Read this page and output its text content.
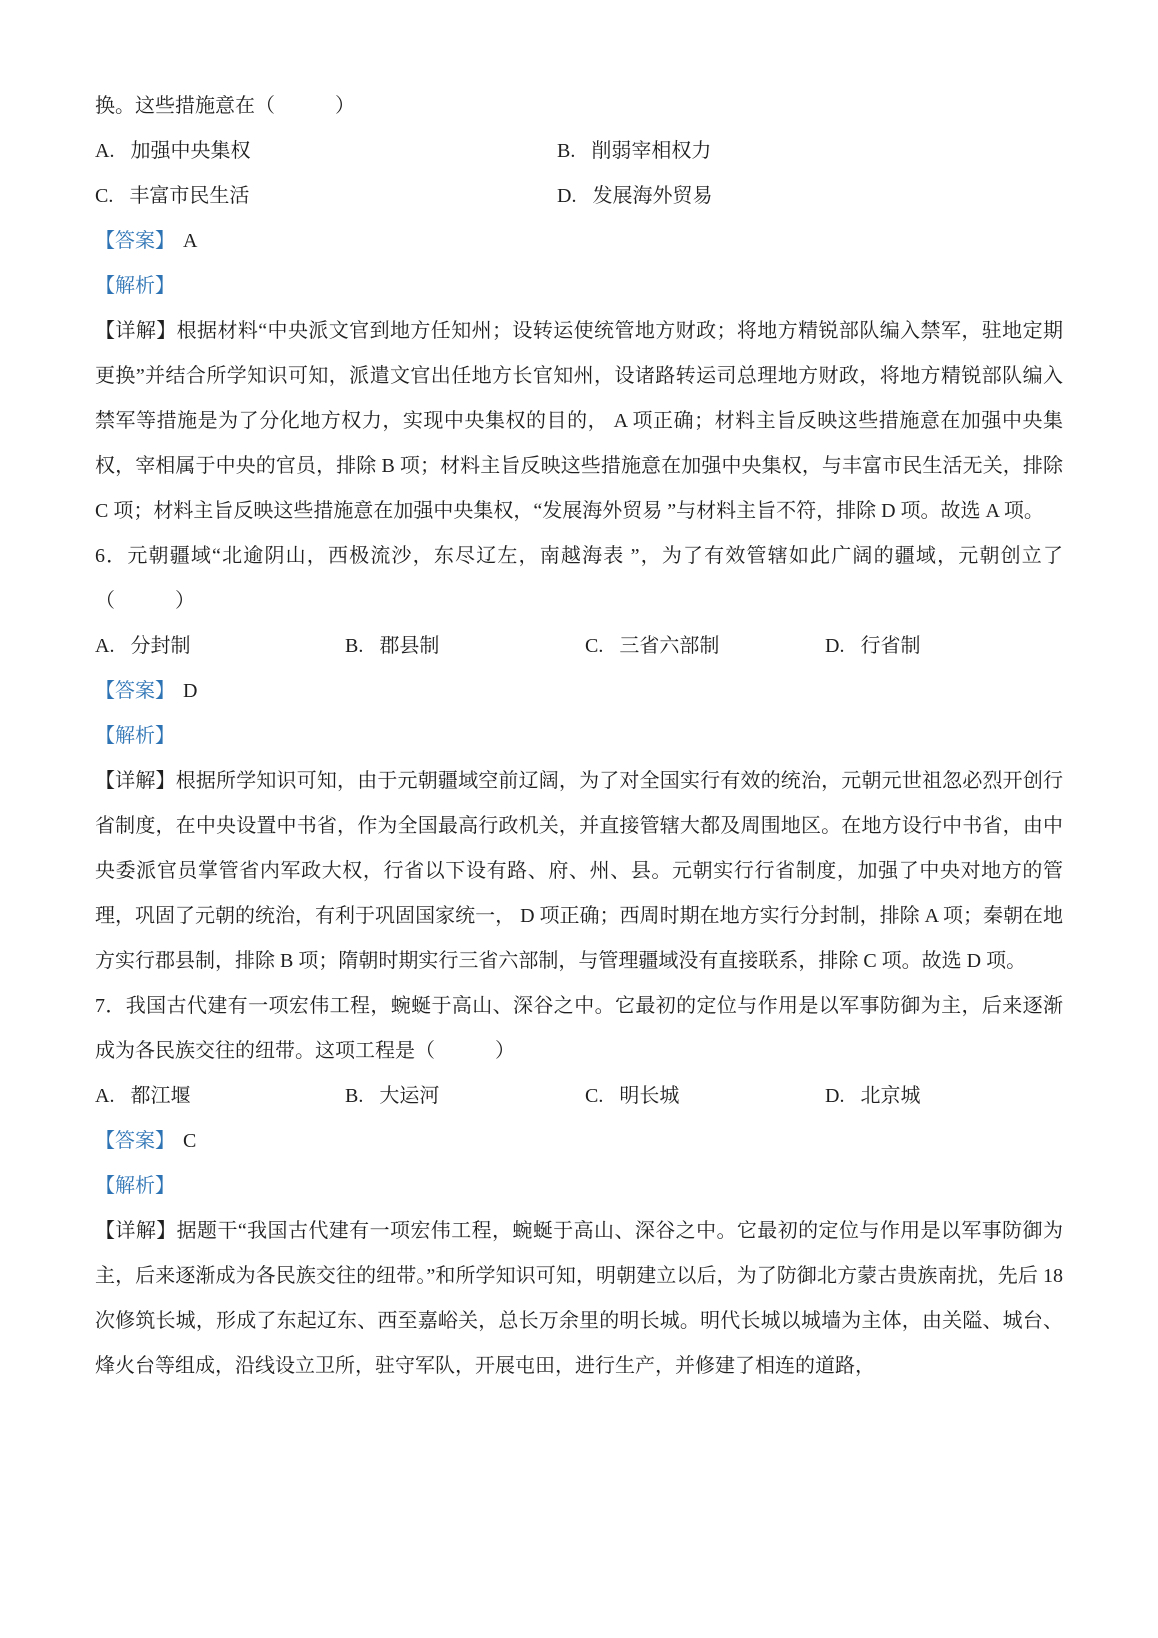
换。这些措施意在（　　　）

A. 加强中央集权	B. 削弱宰相权力
C. 丰富市民生活	D. 发展海外贸易

【答案】 A

【解析】

【详解】根据材料“中央派文官到地方任知州；设转运使统管地方财政；将地方精锐部队编入禁军，驻地定期更换”并结合所学知识可知，派遣文官出任地方长官知州，设诸路转运司总理地方财政，将地方精锐部队编入禁军等措施是为了分化地方权力，实现中央集权的目的， A 项正确；材料主旨反映这些措施意在加强中央集权，宰相属于中央的官员，排除 B 项；材料主旨反映这些措施意在加强中央集权，与丰富市民生活无关，排除 C 项；材料主旨反映这些措施意在加强中央集权，“发展海外贸易 ”与材料主旨不符，排除 D 项。故选 A 项。

6．元朝疆域“北逾阴山，西极流沙，东尽辽左，南越海表 ”，为了有效管辖如此广阔的疆域，元朝创立了（　　　）

A. 分封制	B. 郡县制	C. 三省六部制	D. 行省制

【答案】 D

【解析】

【详解】根据所学知识可知，由于元朝疆域空前辽阔，为了对全国实行有效的统治，元朝元世祖忽必烈开创行省制度，在中央设置中书省，作为全国最高行政机关，并直接管辖大都及周围地区。在地方设行中书省，由中央委派官员掌管省内军政大权，行省以下设有路、府、州、县。元朝实行行省制度，加强了中央对地方的管理，巩固了元朝的统治，有利于巩固国家统一， D 项正确；西周时期在地方实行分封制，排除 A 项；秦朝在地方实行郡县制，排除 B 项；隋朝时期实行三省六部制，与管理疆域没有直接联系，排除 C 项。故选 D 项。

7．我国古代建有一项宏伟工程，蜿蜒于高山、深谷之中。它最初的定位与作用是以军事防御为主，后来逐渐成为各民族交往的纽带。这项工程是（　　　）

A. 都江堰	B. 大运河	C. 明长城	D. 北京城

【答案】 C

【解析】

【详解】据题干“我国古代建有一项宏伟工程，蜿蜒于高山、深谷之中。它最初的定位与作用是以军事防御为主，后来逐渐成为各民族交往的纽带。”和所学知识可知，明朝建立以后，为了防御北方蒙古贵族南扰，先后 18 次修筑长城，形成了东起辽东、西至嘉峪关，总长万余里的明长城。明代长城以城墙为主体，由关隘、城台、烽火台等组成，沿线设立卫所，驻守军队，开展屯田，进行生产，并修建了相连的道路，
